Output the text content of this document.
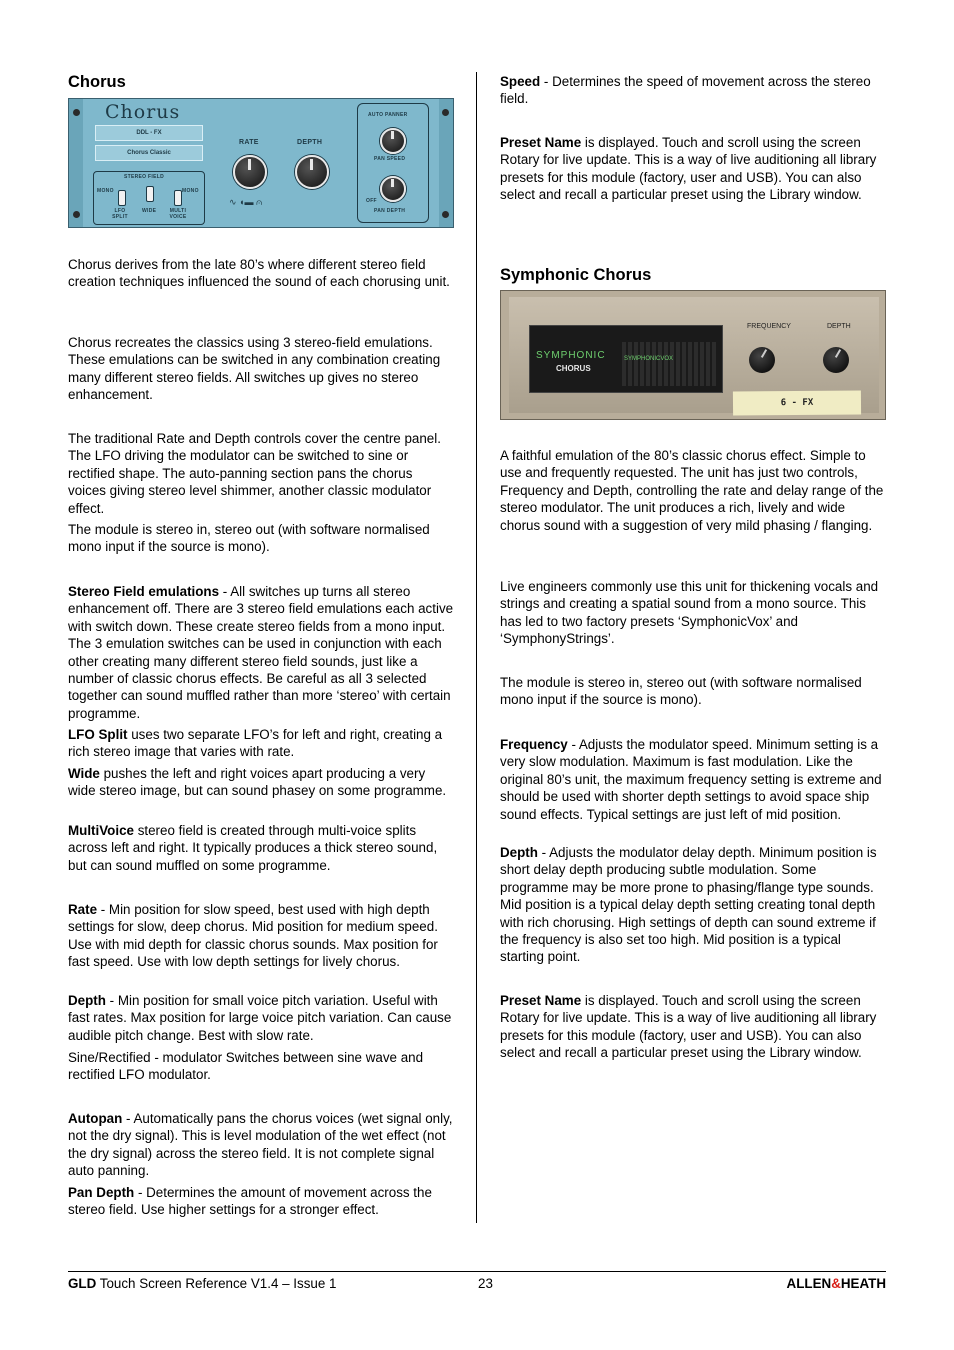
Chorus
Chorus
DDL - FX
Chorus Classic
STEREO FIELD
MONO	MONO
LFO SPLIT
WIDE	MULTI VOICE
RATE	DEPTH
∿ ◖▬ ⩀
AUTO PANNER
PAN SPEED
OFF
PAN DEPTH

Chorus derives from the late 80’s where different stereo field creation techniques influenced the sound of each chorusing unit.

Chorus recreates the classics using 3 stereo-field emulations. These emulations can be switched in any combination creating many different stereo fields. All switches up gives no stereo enhancement.

The traditional Rate and Depth controls cover the centre panel. The LFO driving the modulator can be switched to sine or rectified shape. The auto-panning section pans the chorus voices giving stereo level shimmer, another classic modulator effect.

The module is stereo in, stereo out (with software normalised mono input if the source is mono).

Stereo Field emulations - All switches up turns all stereo enhancement off. There are 3 stereo field emulations each active with switch down. These create stereo fields from a mono input. The 3 emulation switches can be used in conjunction with each other creating many different stereo field sounds, just like a number of classic chorus effects. Be careful as all 3 selected together can sound muffled rather than more ‘stereo’ with certain programme.

LFO Split uses two separate LFO’s for left and right, creating a rich stereo image that varies with rate.

Wide pushes the left and right voices apart producing a very wide stereo image, but can sound phasey on some programme.

MultiVoice stereo field is created through multi-voice splits across left and right. It typically produces a thick stereo sound, but can sound muffled on some programme.

Rate - Min position for slow speed, best used with high depth settings for slow, deep chorus. Mid position for medium speed. Use with mid depth for classic chorus sounds. Max position for fast speed. Use with low depth settings for lively chorus.

Depth - Min position for small voice pitch variation. Useful with fast rates. Max position for large voice pitch variation. Can cause audible pitch change. Best with slow rate.

Sine/Rectified - modulator Switches between sine wave and rectified LFO modulator.

Autopan - Automatically pans the chorus voices (wet signal only, not the dry signal). This is level modulation of the wet effect (not the dry signal) across the stereo field. It is not complete signal auto panning.

Pan Depth - Determines the amount of movement across the stereo field. Use higher settings for a stronger effect.

Speed - Determines the speed of movement across the stereo field.

Preset Name is displayed. Touch and scroll using the screen Rotary for live update. This is a way of live auditioning all library presets for this module (factory, user and USB). You can also select and recall a particular preset using the Library window.

Symphonic Chorus
SYMPHONIC
CHORUS
SYMPHONICVOX
FREQUENCY	DEPTH
6 - FX

A faithful emulation of the 80’s classic chorus effect. Simple to use and frequently requested. The unit has just two controls, Frequency and Depth, controlling the rate and delay range of the stereo modulator. The unit produces a rich, lively and wide chorus sound with a suggestion of very mild phasing / flanging.

Live engineers commonly use this unit for thickening vocals and strings and creating a spatial sound from a mono source. This has led to two factory presets ‘SymphonicVox’ and ‘SymphonyStrings’.

The module is stereo in, stereo out (with software normalised mono input if the source is mono).

Frequency - Adjusts the modulator speed. Minimum setting is a very slow modulation. Maximum is fast modulation. Like the original 80’s unit, the maximum frequency setting is extreme and should be used with shorter depth settings to avoid space ship sound effects. Typical settings are just left of mid position.

Depth - Adjusts the modulator delay depth. Minimum position is short delay depth producing subtle modulation. Some programme may be more prone to phasing/flange type sounds. Mid position is a typical delay depth setting creating tonal depth with rich chorusing. High settings of depth can sound extreme if the frequency is also set too high. Mid position is a typical starting point.

Preset Name is displayed. Touch and scroll using the screen Rotary for live update. This is a way of live auditioning all library presets for this module (factory, user and USB). You can also select and recall a particular preset using the Library window.

GLD Touch Screen Reference V1.4 – Issue 1	23	ALLEN&HEATH
